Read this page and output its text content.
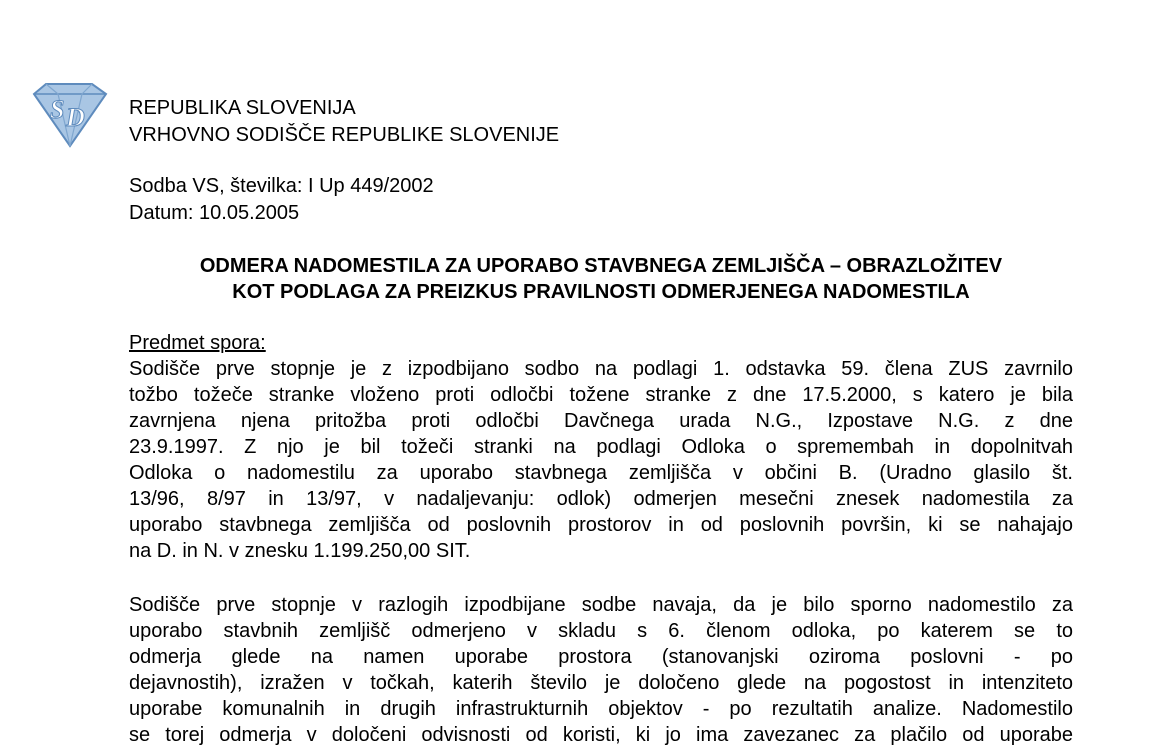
S D REPUBLIKA SLOVENIJA
VRHOVNO SODIŠČE REPUBLIKE SLOVENIJE
Sodba VS, številka: I Up 449/2002
Datum: 10.05.2005
ODMERA NADOMESTILA ZA UPORABO STAVBNEGA ZEMLJIŠČA – OBRAZLOŽITEV
KOT PODLAGA ZA PREIZKUS PRAVILNOSTI ODMERJENEGA NADOMESTILA
Predmet spora:
Sodišče prve stopnje je z izpodbijano sodbo na podlagi 1. odstavka 59. člena ZUS zavrnilo
tožbo tožeče stranke vloženo proti odločbi tožene stranke z dne 17.5.2000, s katero je bila
zavrnjena njena pritožba proti odločbi Davčnega urada N.G., Izpostave N.G. z dne
23.9.1997. Z njo je bil tožeči stranki na podlagi Odloka o spremembah in dopolnitvah
Odloka o nadomestilu za uporabo stavbnega zemljišča v občini B. (Uradno glasilo št.
13/96, 8/97 in 13/97, v nadaljevanju: odlok) odmerjen mesečni znesek nadomestila za
uporabo stavbnega zemljišča od poslovnih prostorov in od poslovnih površin, ki se nahajajo
na D. in N. v znesku 1.199.250,00 SIT.
Sodišče prve stopnje v razlogih izpodbijane sodbe navaja, da je bilo sporno nadomestilo za
uporabo stavbnih zemljišč odmerjeno v skladu s 6. členom odloka, po katerem se to
odmerja glede na namen uporabe prostora (stanovanjski oziroma poslovni - po
dejavnostih), izražen v točkah, katerih število je določeno glede na pogostost in intenziteto
uporabe komunalnih in drugih infrastrukturnih objektov - po rezultatih analize. Nadomestilo
se torej odmerja v določeni odvisnosti od koristi, ki jo ima zavezanec za plačilo od uporabe
